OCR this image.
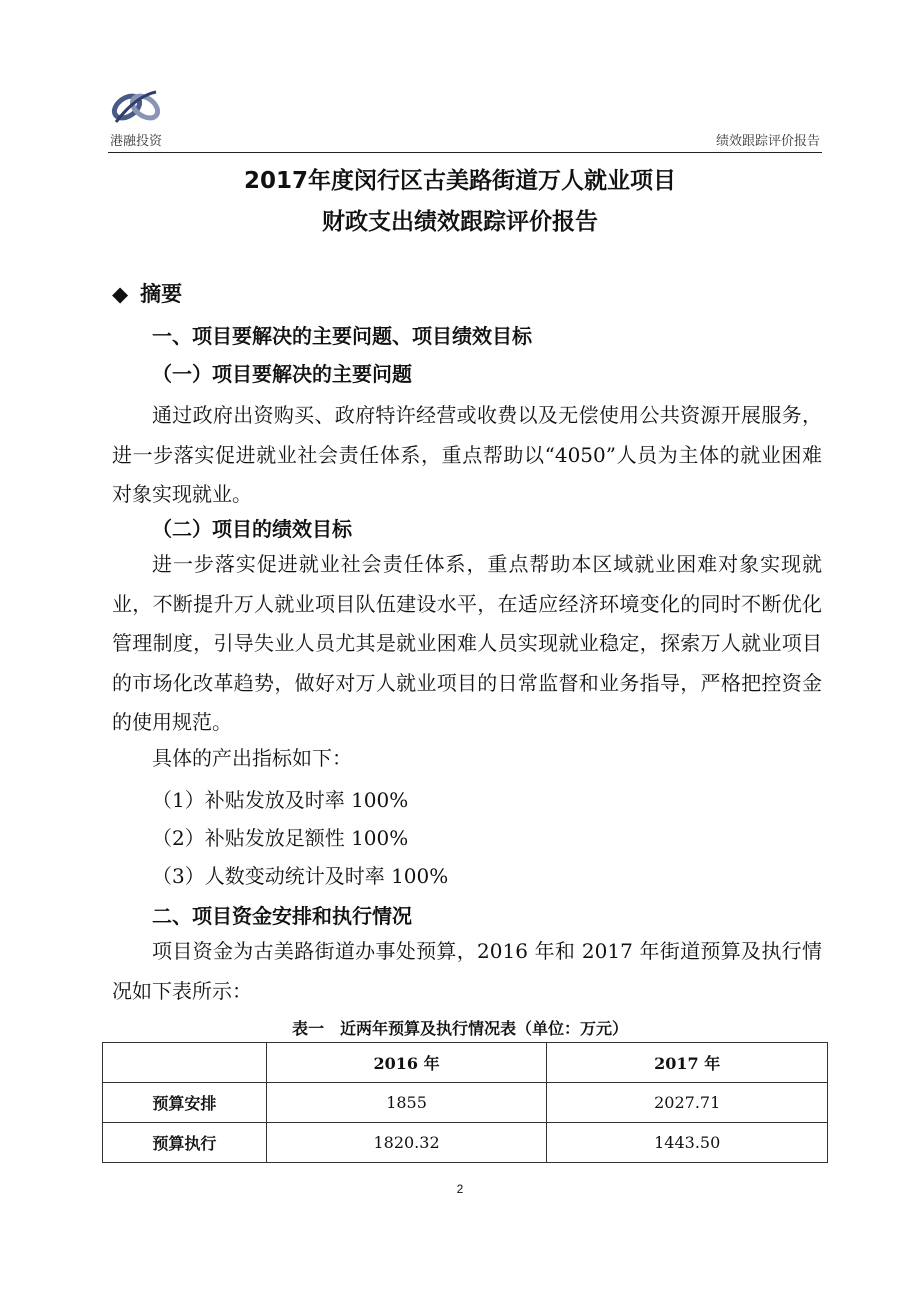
港融投资	绩效跟踪评价报告
2017年度闵行区古美路街道万人就业项目
财政支出绩效跟踪评价报告
◆ 摘要
一、项目要解决的主要问题、项目绩效目标
（一）项目要解决的主要问题

通过政府出资购买、政府特许经营或收费以及无偿使用公共资源开展服务，进一步落实促进就业社会责任体系，重点帮助以“4050”人员为主体的就业困难对象实现就业。

（二）项目的绩效目标

进一步落实促进就业社会责任体系，重点帮助本区域就业困难对象实现就业，不断提升万人就业项目队伍建设水平，在适应经济环境变化的同时不断优化管理制度，引导失业人员尤其是就业困难人员实现就业稳定，探索万人就业项目的市场化改革趋势，做好对万人就业项目的日常监督和业务指导，严格把控资金的使用规范。

具体的产出指标如下：
（1）补贴发放及时率 100%
（2）补贴发放足额性 100%
（3）人数变动统计及时率 100%
二、项目资金安排和执行情况

项目资金为古美路街道办事处预算，2016 年和 2017 年街道预算及执行情况如下表所示：

表一　近两年预算及执行情况表（单位：万元）
	2016 年	2017 年
预算安排	1855	2027.71
预算执行	1820.32	1443.50
2
